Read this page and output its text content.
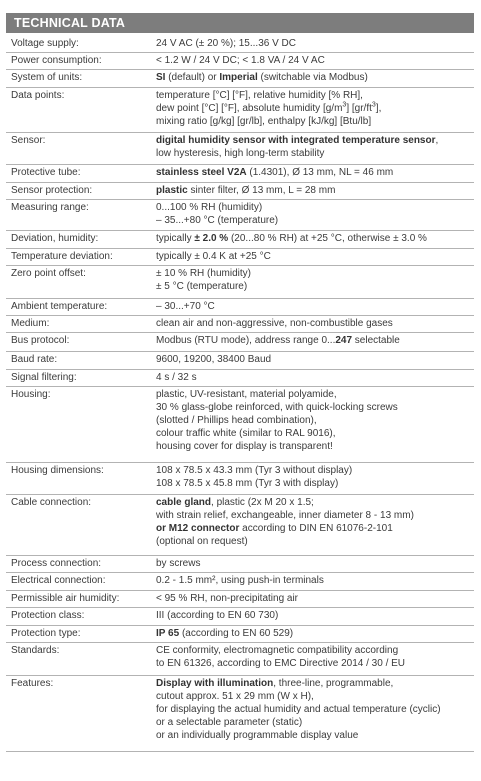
TECHNICAL DATA
Voltage supply:	24 V AC (± 20 %); 15...36 V DC
Power consumption:	< 1.2 W / 24 V DC; < 1.8 VA / 24 V AC
System of units:	SI (default) or Imperial (switchable via Modbus)
Data points:	temperature [°C] [°F], relative humidity [% RH],
dew point [°C] [°F], absolute humidity $[g/m^3]$ $[gr/ft^3]$,
mixing ratio [g/kg] [gr/lb], enthalpy [kJ/kg] [Btu/lb]
Sensor:	digital humidity sensor with integrated temperature sensor,
low hysteresis, high long-term stability
Protective tube:	stainless steel V2A (1.4301), Ø 13 mm, NL = 46 mm
Sensor protection:	plastic sinter filter, Ø 13 mm, L = 28 mm
Measuring range:	0...100 % RH (humidity)
– 35...+80 °C (temperature)
Deviation, humidity:	typically ± 2.0 % (20...80 % RH) at +25 °C, otherwise ± 3.0 %
Temperature deviation:	typically ± 0.4 K at +25 °C
Zero point offset:	± 10 % RH (humidity)
± 5 °C (temperature)
Ambient temperature:	– 30...+70 °C
Medium:	clean air and non-aggressive, non-combustible gases
Bus protocol:	Modbus (RTU mode), address range 0...247 selectable
Baud rate:	9600, 19200, 38400 Baud
Signal filtering:	4 s / 32 s
Housing:	plastic, UV-resistant, material polyamide,
30 % glass-globe reinforced, with quick-locking screws
(slotted / Phillips head combination),
colour traffic white (similar to RAL 9016),
housing cover for display is transparent!
Housing dimensions:	108 x 78.5 x 43.3 mm (Tyr 3 without display)
108 x 78.5 x 45.8 mm (Tyr 3 with display)
Cable connection:	cable gland, plastic (2x M 20 x 1.5;
with strain relief, exchangeable, inner diameter 8 - 13 mm)
or M12 connector according to DIN EN 61076-2-101
(optional on request)
Process connection:	by screws
Electrical connection:	0.2 - 1.5 mm², using push-in terminals
Permissible air humidity:	< 95 % RH, non-precipitating air
Protection class:	III (according to EN 60 730)
Protection type:	IP 65 (according to EN 60 529)
Standards:	CE conformity, electromagnetic compatibility according
to EN 61326, according to EMC Directive 2014 / 30 / EU
Features:	Display with illumination, three-line, programmable,
cutout approx. 51 x 29 mm (W x H),
for displaying the actual humidity and actual temperature (cyclic)
or a selectable parameter (static)
or an individually programmable display value
